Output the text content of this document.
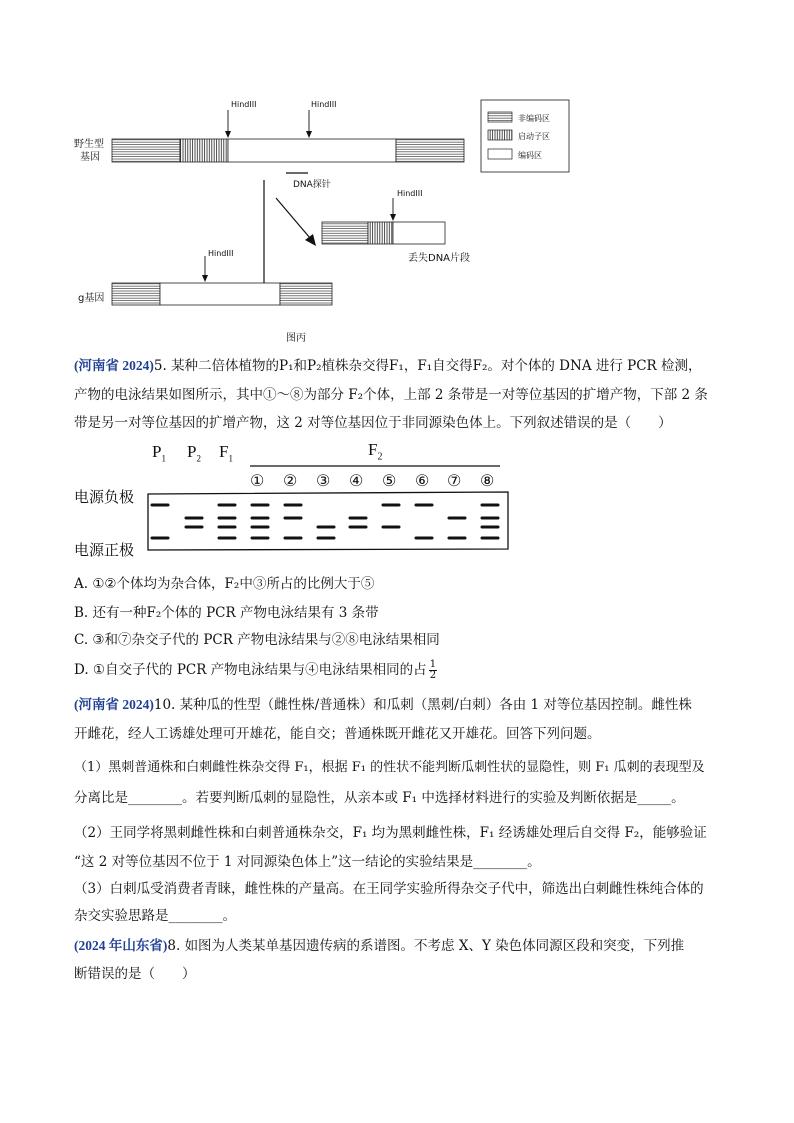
HindIII	HindIII
HindIII
HindIII
野生型
基因
g基因
DNA探针
丢失DNA片段
图丙
非编码区
启动子区
编码区
(河南省 2024)5. 某种二倍体植物的P₁和P₂植株杂交得F₁，F₁自交得F₂。对个体的 DNA 进行 PCR 检测，
产物的电泳结果如图所示，其中①～⑧为部分 F₂个体，上部 2 条带是一对等位基因的扩增产物，下部 2 条
带是另一对等位基因的扩增产物，这 2 对等位基因位于非同源染色体上。下列叙述错误的是（　　）
电源负极
电源正极
$F_2$
$P_1$ $P_2$ $F_1$
① ② ③ ④ ⑤ ⑥ ⑦ ⑧
A. ①②个体均为杂合体，F₂中③所占的比例大于⑤
B. 还有一种F₂个体的 PCR 产物电泳结果有 3 条带
C. ③和⑦杂交子代的 PCR 产物电泳结果与②⑧电泳结果相同
D. ①自交子代的 PCR 产物电泳结果与④电泳结果相同的占 $\frac{1}{2}$
(河南省 2024)10. 某种瓜的性型（雌性株/普通株）和瓜刺（黑刺/白刺）各由 1 对等位基因控制。雌性株
开雌花，经人工诱雄处理可开雄花，能自交；普通株既开雌花又开雄花。回答下列问题。
（1）黑刺普通株和白刺雌性株杂交得 F₁，根据 F₁ 的性状不能判断瓜刺性状的显隐性，则 F₁ 瓜刺的表现型及
分离比是________。若要判断瓜刺的显隐性，从亲本或 F₁ 中选择材料进行的实验及判断依据是_____。
（2）王同学将黑刺雌性株和白刺普通株杂交，F₁ 均为黑刺雌性株，F₁ 经诱雄处理后自交得 F₂，能够验证
“这 2 对等位基因不位于 1 对同源染色体上”这一结论的实验结果是________。
（3）白刺瓜受消费者青睐，雌性株的产量高。在王同学实验所得杂交子代中，筛选出白刺雌性株纯合体的
杂交实验思路是________。
(2024 年山东省)8. 如图为人类某单基因遗传病的系谱图。不考虑 X、Y 染色体同源区段和突变，下列推
断错误的是（　　）
